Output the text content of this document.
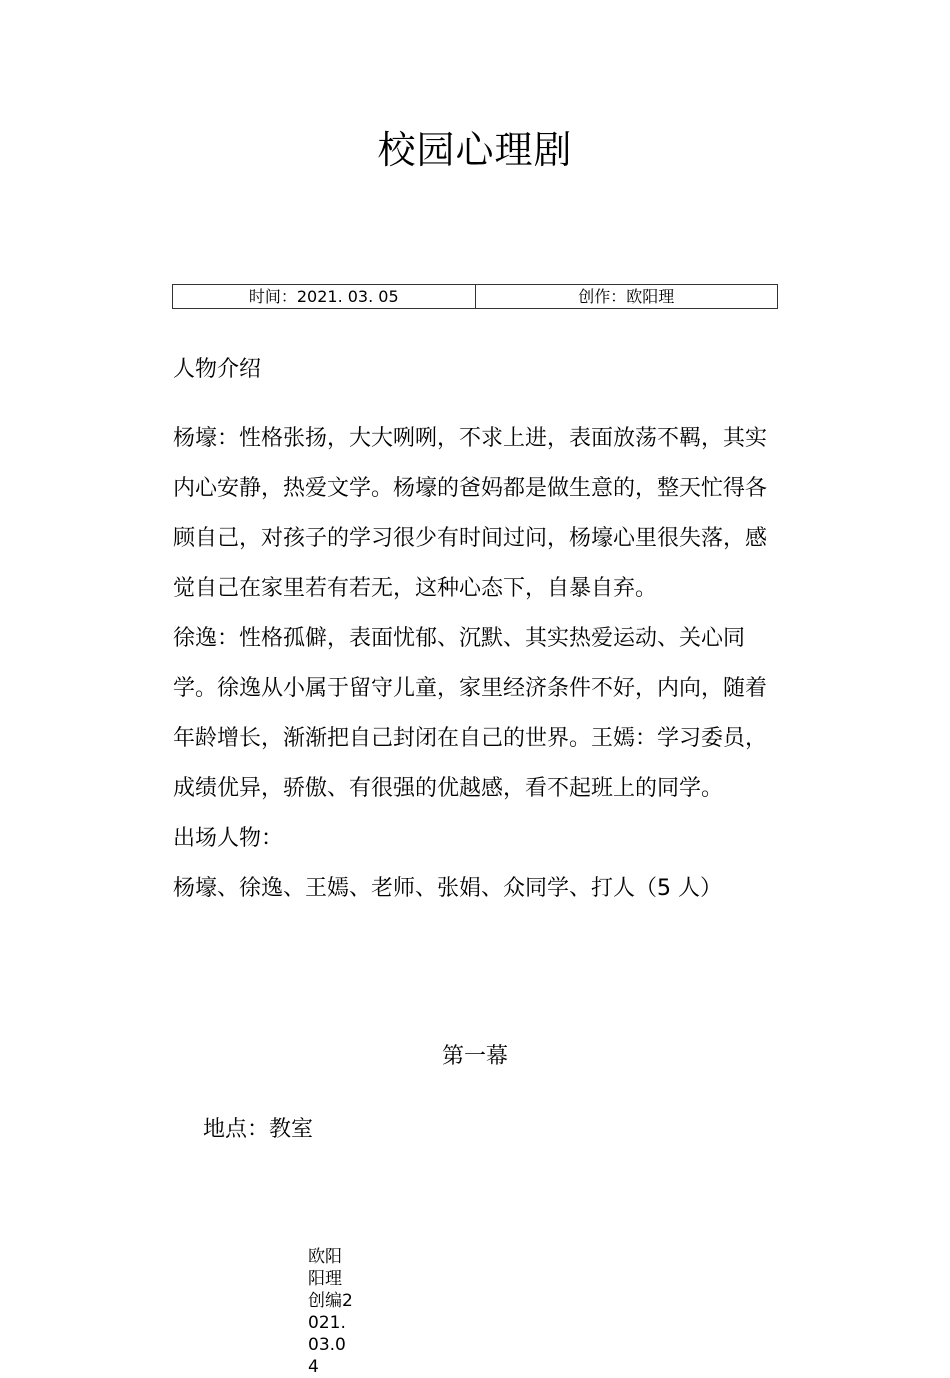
校园心理剧
时间：2021. 03. 05	创作：欧阳理
人物介绍

杨壕：性格张扬，大大咧咧，不求上进，表面放荡不羁，其实内心安静，热爱文学。杨壕的爸妈都是做生意的，整天忙得各顾自己，对孩子的学习很少有时间过问，杨壕心里很失落，感觉自己在家里若有若无，这种心态下，自暴自弃。

徐逸：性格孤僻，表面忧郁、沉默、其实热爱运动、关心同学。徐逸从小属于留守儿童，家里经济条件不好，内向，随着年龄增长，渐渐把自己封闭在自己的世界。王嫣：学习委员，成绩优异，骄傲、有很强的优越感，看不起班上的同学。

出场人物：

杨壕、徐逸、王嫣、老师、张娟、众同学、打人（5 人）

第一幕
地点：教室
欧阳阳理创编2021.03.04
